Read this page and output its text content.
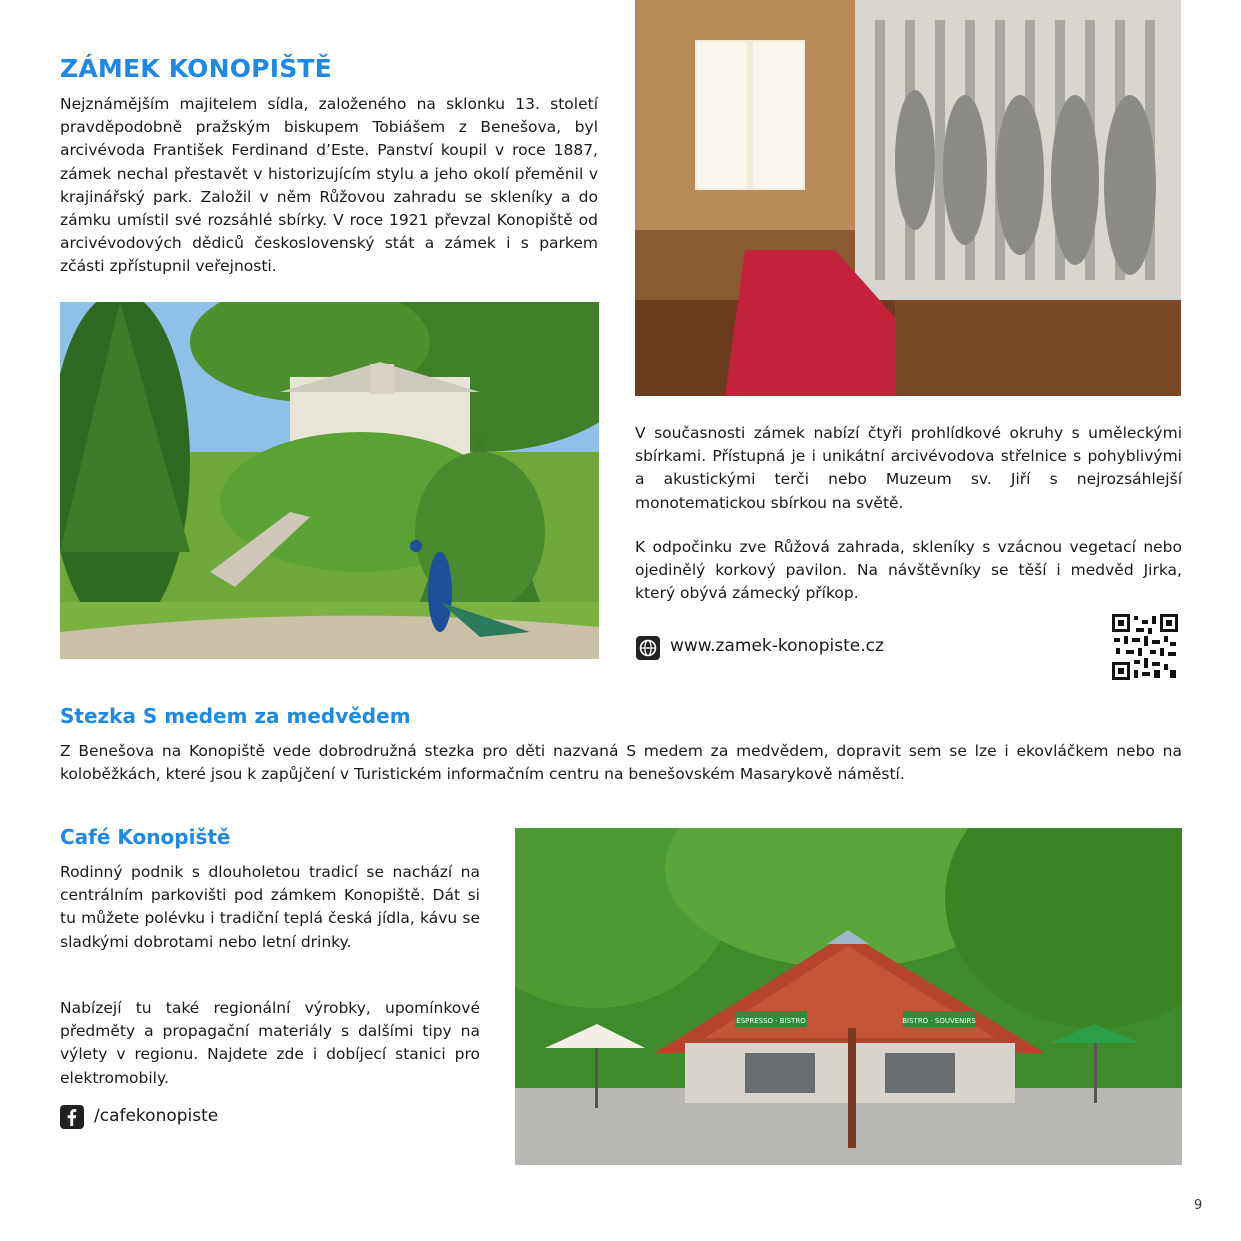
ZÁMEK KONOPIŠTĚ
Nejznámějším majitelem sídla, založeného na sklonku 13. století pravděpodobně pražským biskupem Tobiášem z Benešova, byl arcivévoda František Ferdinand d’Este. Panství koupil v roce 1887, zámek nechal přestavět v historizujícím stylu a jeho okolí přeměnil v krajinářský park. Založil v něm Růžovou zahradu se skleníky a do zámku umístil své rozsáhlé sbírky. V roce 1921 převzal Konopiště od arcivévodových dědiců československý stát a zámek i s parkem zčásti zpřístupnil veřejnosti.
V současnosti zámek nabízí čtyři prohlídkové okruhy s uměleckými sbírkami. Přístupná je i unikátní arcivévodova střelnice s pohyblivými a akustickými terči nebo Muzeum sv. Jiří s nejrozsáhlejší monotematickou sbírkou na světě.
K odpočinku zve Růžová zahrada, skleníky s vzácnou vegetací nebo ojedinělý korkový pavilon. Na návštěvníky se těší i medvěd Jirka, který obývá zámecký příkop.
www.zamek-konopiste.cz
Stezka S medem za medvědem
Z Benešova na Konopiště vede dobrodružná stezka pro děti nazvaná S medem za medvědem, dopravit sem se lze i ekovláčkem nebo na koloběžkách, které jsou k zapůjčení v Turistickém informačním centru na benešovském Masarykově náměstí.
Café Konopiště
Rodinný podnik s dlouholetou tradicí se nachází na centrálním parkovišti pod zámkem Konopiště. Dát si tu můžete polévku i tradiční teplá česká jídla, kávu se sladkými dobrotami nebo letní drinky.
Nabízejí tu také regionální výrobky, upomínkové předměty a propagační materiály s dalšími tipy na výlety v regionu. Najdete zde i dobíjecí stanici pro elektromobily.
/cafekonopiste
ESPRESSO · BISTRO	BISTRO · SOUVENIRS
9
